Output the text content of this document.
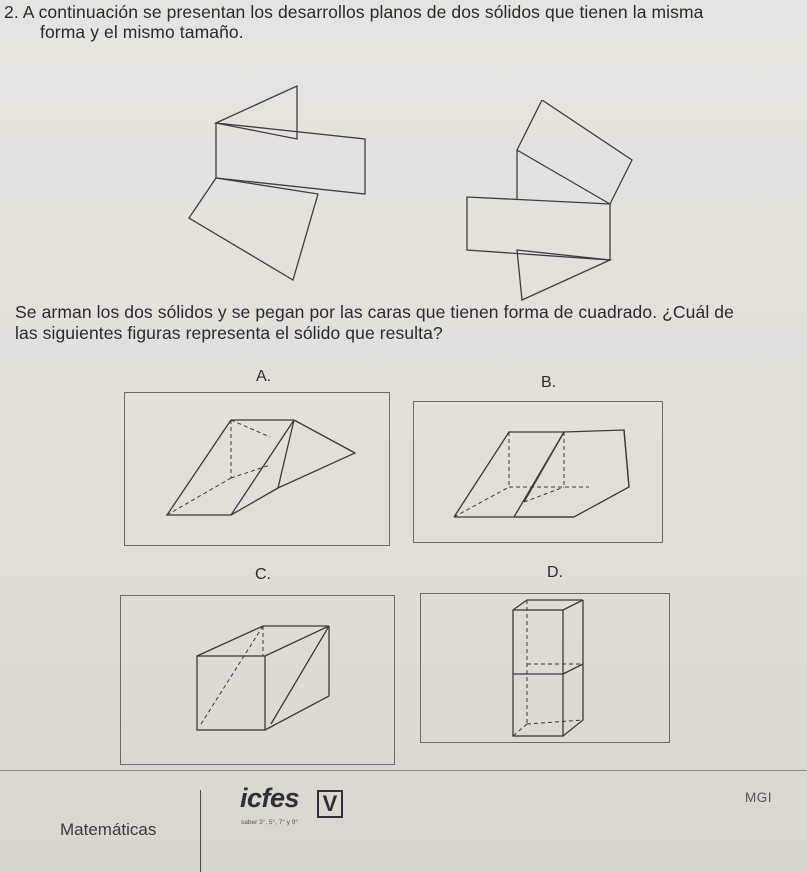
2. A continuación se presentan los desarrollos planos de dos sólidos que tienen la misma
forma y el mismo tamaño.
Se arman los dos sólidos y se pegan por las caras que tienen forma de cuadrado. ¿Cuál de
las siguientes figuras representa el sólido que resulta?
A.	B.
C.	D.
Matemáticas
icfes V
saber 3°, 5°, 7° y 9°
MGI
